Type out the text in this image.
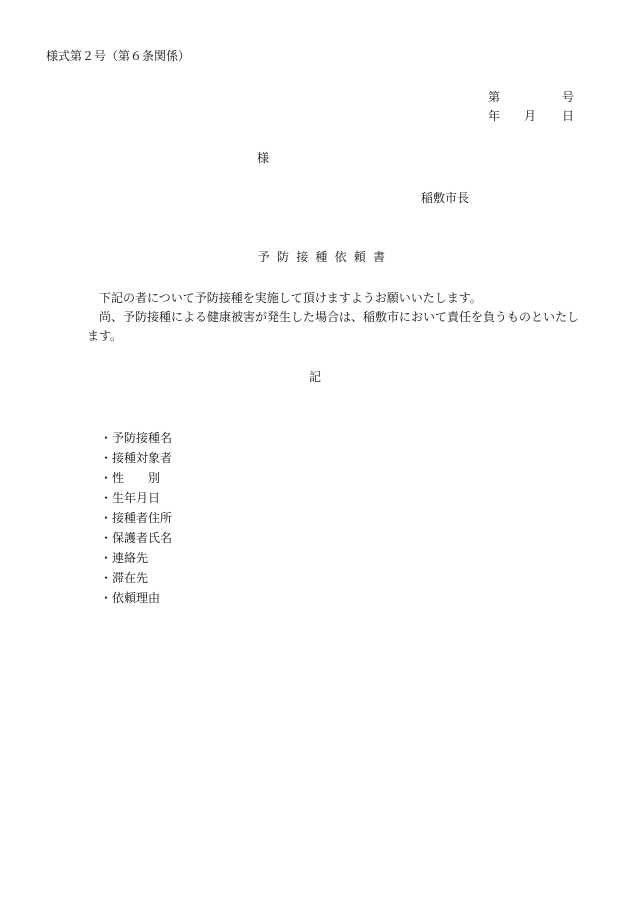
様式第２号（第６条関係）
第	号
年 月 日
様
稲敷市長
予防接種依頼書

下記の者について予防接種を実施して頂けますようお願いいたします。

尚、予防接種による健康被害が発生した場合は、稲敷市において責任を負うものといたします。

記
・予防接種名
・接種対象者
・性　　別
・生年月日
・接種者住所
・保護者氏名
・連絡先
・滞在先
・依頼理由
